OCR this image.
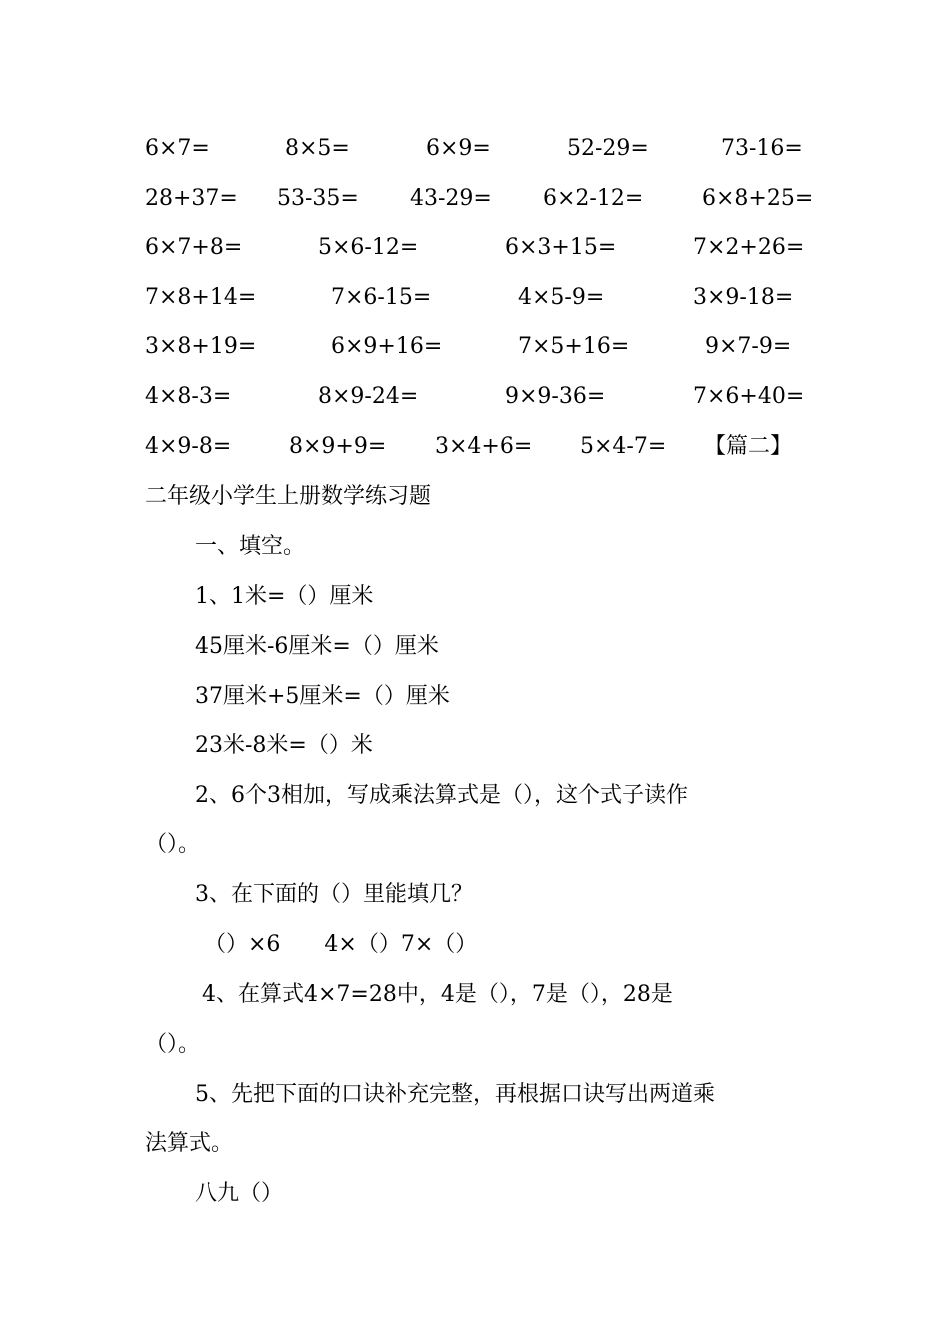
6×7=	8×5=	6×9=	52-29=	73-16=
28+37= 53-35= 43-29= 6×2-12=	6×8+25=
6×7+8=	5×6-12=	6×3+15=	7×2+26=
7×8+14=	7×6-15=	4×5-9=	3×9-18=
3×8+19=	6×9+16=	7×5+16=	9×7-9=
4×8-3=	8×9-24=	9×9-36=	7×6+40=
4×9-8=	8×9+9= 3×4+6= 5×4-7= 【篇二】
二年级小学生上册数学练习题
一、填空。
1、1米=（）厘米
45厘米-6厘米=（）厘米
37厘米+5厘米=（）厘米
23米-8米=（）米
2、6个3相加，写成乘法算式是（），这个式子读作
（）。
3、在下面的（）里能填几？
（）×6　　4×（）7×（）
4、在算式4×7=28中，4是（），7是（），28是
（）。
5、先把下面的口诀补充完整，再根据口诀写出两道乘
法算式。
八九（）
